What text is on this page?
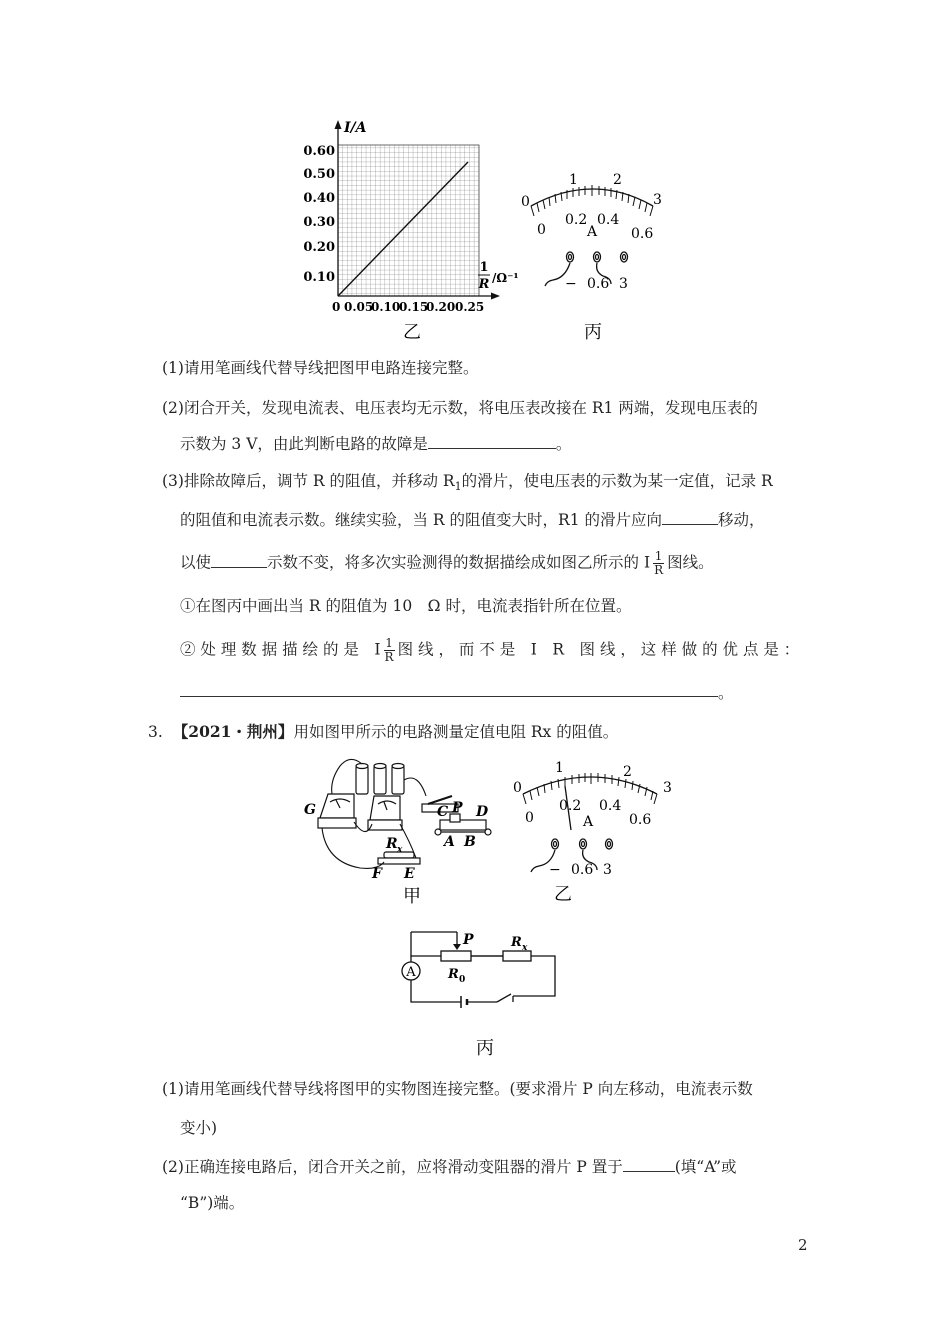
I/A
0.60
0.50
0.40
0.30
0.20
0.10
0 0.05
0.10
0.15
0.20 0.25
1
R /Ω⁻¹
乙
0
1	2
3
0
0.2 0.4
0.6
A
− 0.6 3
丙
(1)请用笔画线代替导线把图甲电路连接完整。
(2)闭合开关，发现电流表、电压表均无示数，将电压表改接在 R1 两端，发现电压表的
示数为 3 V，由此判断电路的故障是	。
(3)排除故障后，调节 R 的阻值，并移动 $R_1$的滑片，使电压表的示数为某一定值，记录 R
的阻值和电流表示数。继续实验，当 R 的阻值变大时，R1 的滑片应向	移动，
以使	示数不变，将多次实验测得的数据描绘成如图乙所示的 I $\frac{1}{R}$ 图线。
①在图丙中画出当 R 的阻值为 10　Ω 时，电流表指针所在位置。
② 处 理 数 据 描 绘 的 是　I $\frac{1}{R}$ 图 线 ， 而 不 是　I　R　图 线 ， 这 样 做 的 优 点 是 ：
。
3. 【2021・荆州】用如图甲所示的电路测量定值电阻 Rx 的阻值。
G
R x
F E
C P D
A B
甲
0
1	2
3
0
0.2 0.4
0.6
A
− 0.6 3
乙
A
P
R 0
R x
丙
(1)请用笔画线代替导线将图甲的实物图连接完整。(要求滑片 P 向左移动，电流表示数
变小)
(2)正确连接电路后，闭合开关之前，应将滑动变阻器的滑片 P 置于	(填“A”或
“B”)端。
2
